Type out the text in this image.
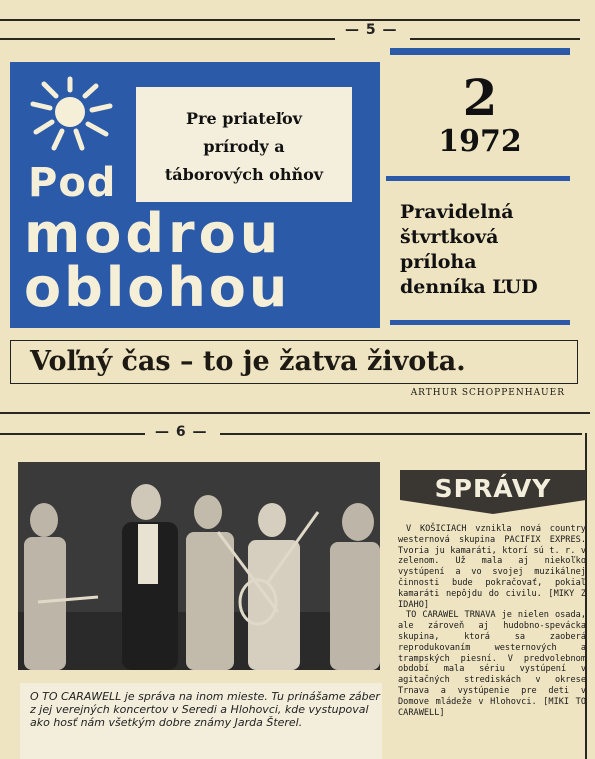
— 5 —
Pre priateľov
prírody a
táborových ohňov
Pod
modrou
oblohou
2
1972
Pravidelná
štvrtková
príloha
denníka ĽUD
Voľný čas – to je žatva života.
ARTHUR SCHOPPENHAUER
— 6 —
O TO CARAWELL je správa na inom mieste. Tu prinášame záber z jej verejných koncertov v Seredi a Hlohovci, kde vystupoval ako hosť nám všetkým dobre známy Jarda Šterel.
SPRÁVY

V KOŠICIACH vznikla nová country westernová skupina PACIFIX EXPRES. Tvoria ju kamaráti, ktorí sú t. r. v zelenom. Už mala aj niekoľko vystúpení a vo svojej muzikálnej činnosti bude pokračovať, pokiaľ kamaráti nepôjdu do civilu. [MIKY Z IDAHO]

TO CARAWEL TRNAVA je nielen osada, ale zároveň aj hudobno-spevácka skupina, ktorá sa zaoberá reprodukovaním westernových a trampských piesní. V predvolebnom období mala sériu vystúpení v agitačných strediskách v okrese Trnava a vystúpenie pre deti v Domove mládeže v Hlohovci. [MIKI TO CARAWELL]
